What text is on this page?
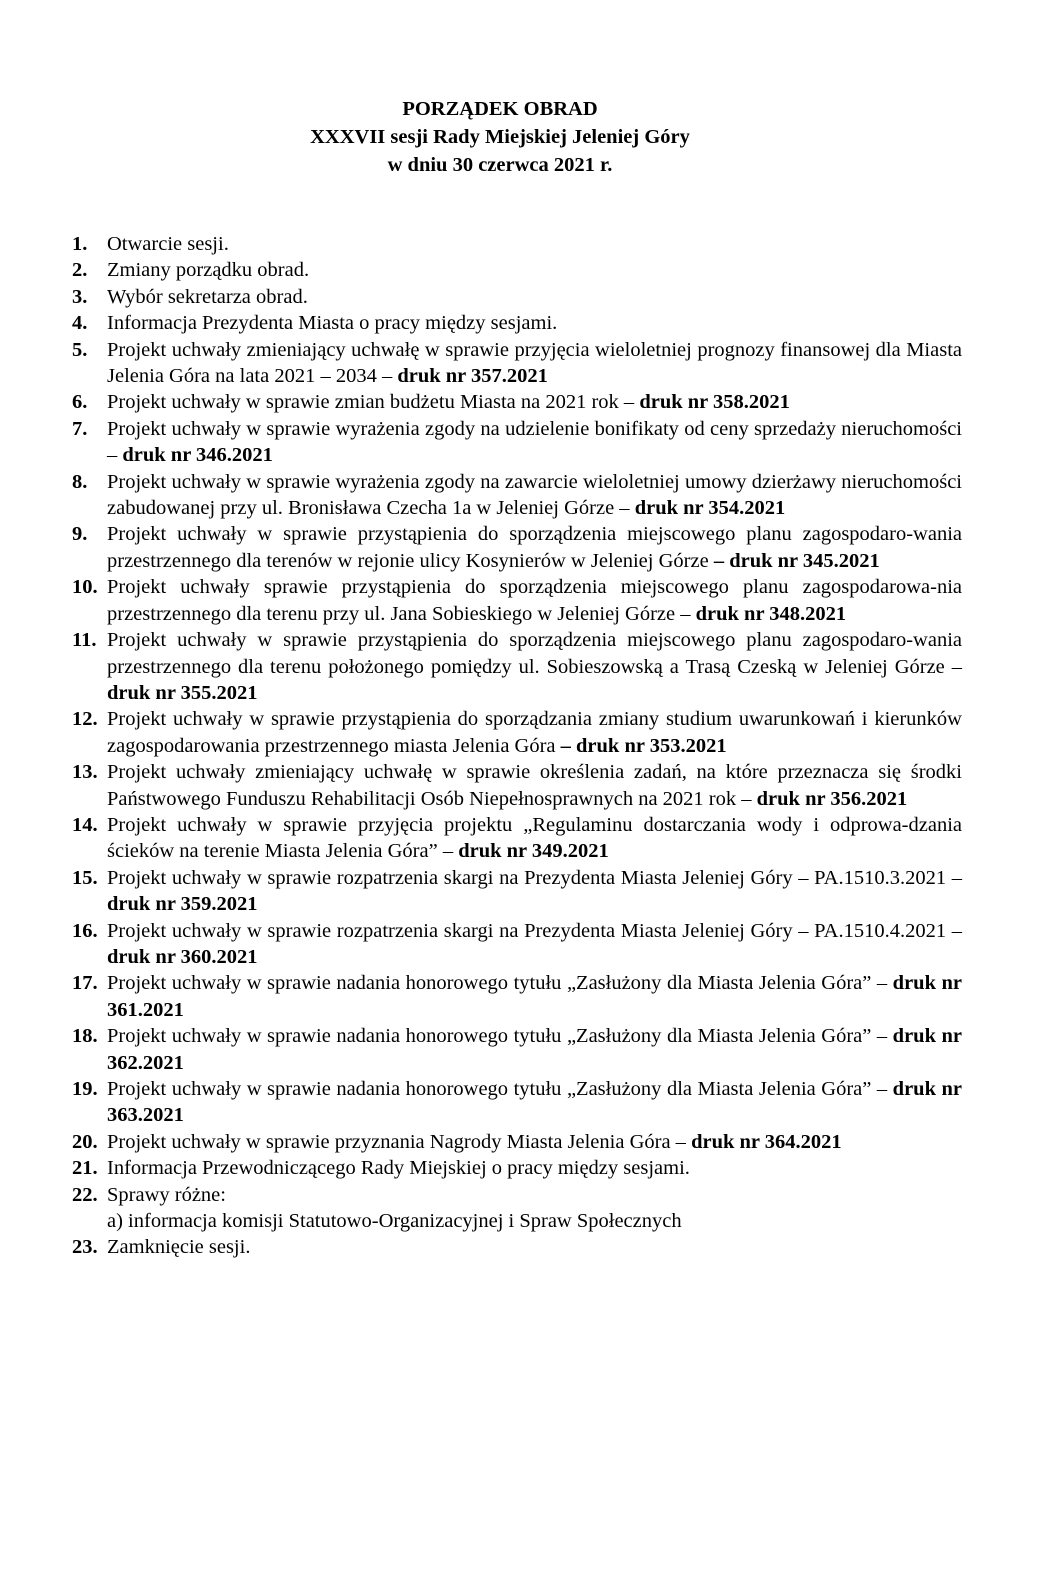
PORZĄDEK OBRAD
XXXVII sesji Rady Miejskiej Jeleniej Góry
w dniu 30 czerwca 2021 r.
1. Otwarcie sesji.
2. Zmiany porządku obrad.
3. Wybór sekretarza obrad.
4. Informacja Prezydenta Miasta o pracy między sesjami.
5. Projekt uchwały zmieniający uchwałę w sprawie przyjęcia wieloletniej prognozy finansowej dla Miasta Jelenia Góra na lata 2021 – 2034 – druk nr 357.2021
6. Projekt uchwały w sprawie zmian budżetu Miasta na 2021 rok – druk nr 358.2021
7. Projekt uchwały w sprawie wyrażenia zgody na udzielenie bonifikaty od ceny sprzedaży nieruchomości – druk nr 346.2021
8. Projekt uchwały w sprawie wyrażenia zgody na zawarcie wieloletniej umowy dzierżawy nieruchomości zabudowanej przy ul. Bronisława Czecha 1a w Jeleniej Górze – druk nr 354.2021
9. Projekt uchwały w sprawie przystąpienia do sporządzenia miejscowego planu zagospodaro-wania przestrzennego dla terenów w rejonie ulicy Kosynierów w Jeleniej Górze – druk nr 345.2021
10. Projekt uchwały sprawie przystąpienia do sporządzenia miejscowego planu zagospodarowa-nia przestrzennego dla terenu przy ul. Jana Sobieskiego w Jeleniej Górze – druk nr 348.2021
11. Projekt uchwały w sprawie przystąpienia do sporządzenia miejscowego planu zagospodaro-wania przestrzennego dla terenu położonego pomiędzy ul. Sobieszowską a Trasą Czeską w Jeleniej Górze – druk nr 355.2021
12. Projekt uchwały w sprawie przystąpienia do sporządzania zmiany studium uwarunkowań i kierunków zagospodarowania przestrzennego miasta Jelenia Góra – druk nr 353.2021
13. Projekt uchwały zmieniający uchwałę w sprawie określenia zadań, na które przeznacza się środki Państwowego Funduszu Rehabilitacji Osób Niepełnosprawnych na 2021 rok – druk nr 356.2021
14. Projekt uchwały w sprawie przyjęcia projektu „Regulaminu dostarczania wody i odprowa-dzania ścieków na terenie Miasta Jelenia Góra” – druk nr 349.2021
15. Projekt uchwały w sprawie rozpatrzenia skargi na Prezydenta Miasta Jeleniej Góry – PA.1510.3.2021 – druk nr 359.2021
16. Projekt uchwały w sprawie rozpatrzenia skargi na Prezydenta Miasta Jeleniej Góry – PA.1510.4.2021 – druk nr 360.2021
17. Projekt uchwały w sprawie nadania honorowego tytułu „Zasłużony dla Miasta Jelenia Góra” – druk nr 361.2021
18. Projekt uchwały w sprawie nadania honorowego tytułu „Zasłużony dla Miasta Jelenia Góra” – druk nr 362.2021
19. Projekt uchwały w sprawie nadania honorowego tytułu „Zasłużony dla Miasta Jelenia Góra” – druk nr 363.2021
20. Projekt uchwały w sprawie przyznania Nagrody Miasta Jelenia Góra – druk nr 364.2021
21. Informacja Przewodniczącego Rady Miejskiej o pracy między sesjami.
22. Sprawy różne:
a) informacja komisji Statutowo-Organizacyjnej i Spraw Społecznych
23. Zamknięcie sesji.
